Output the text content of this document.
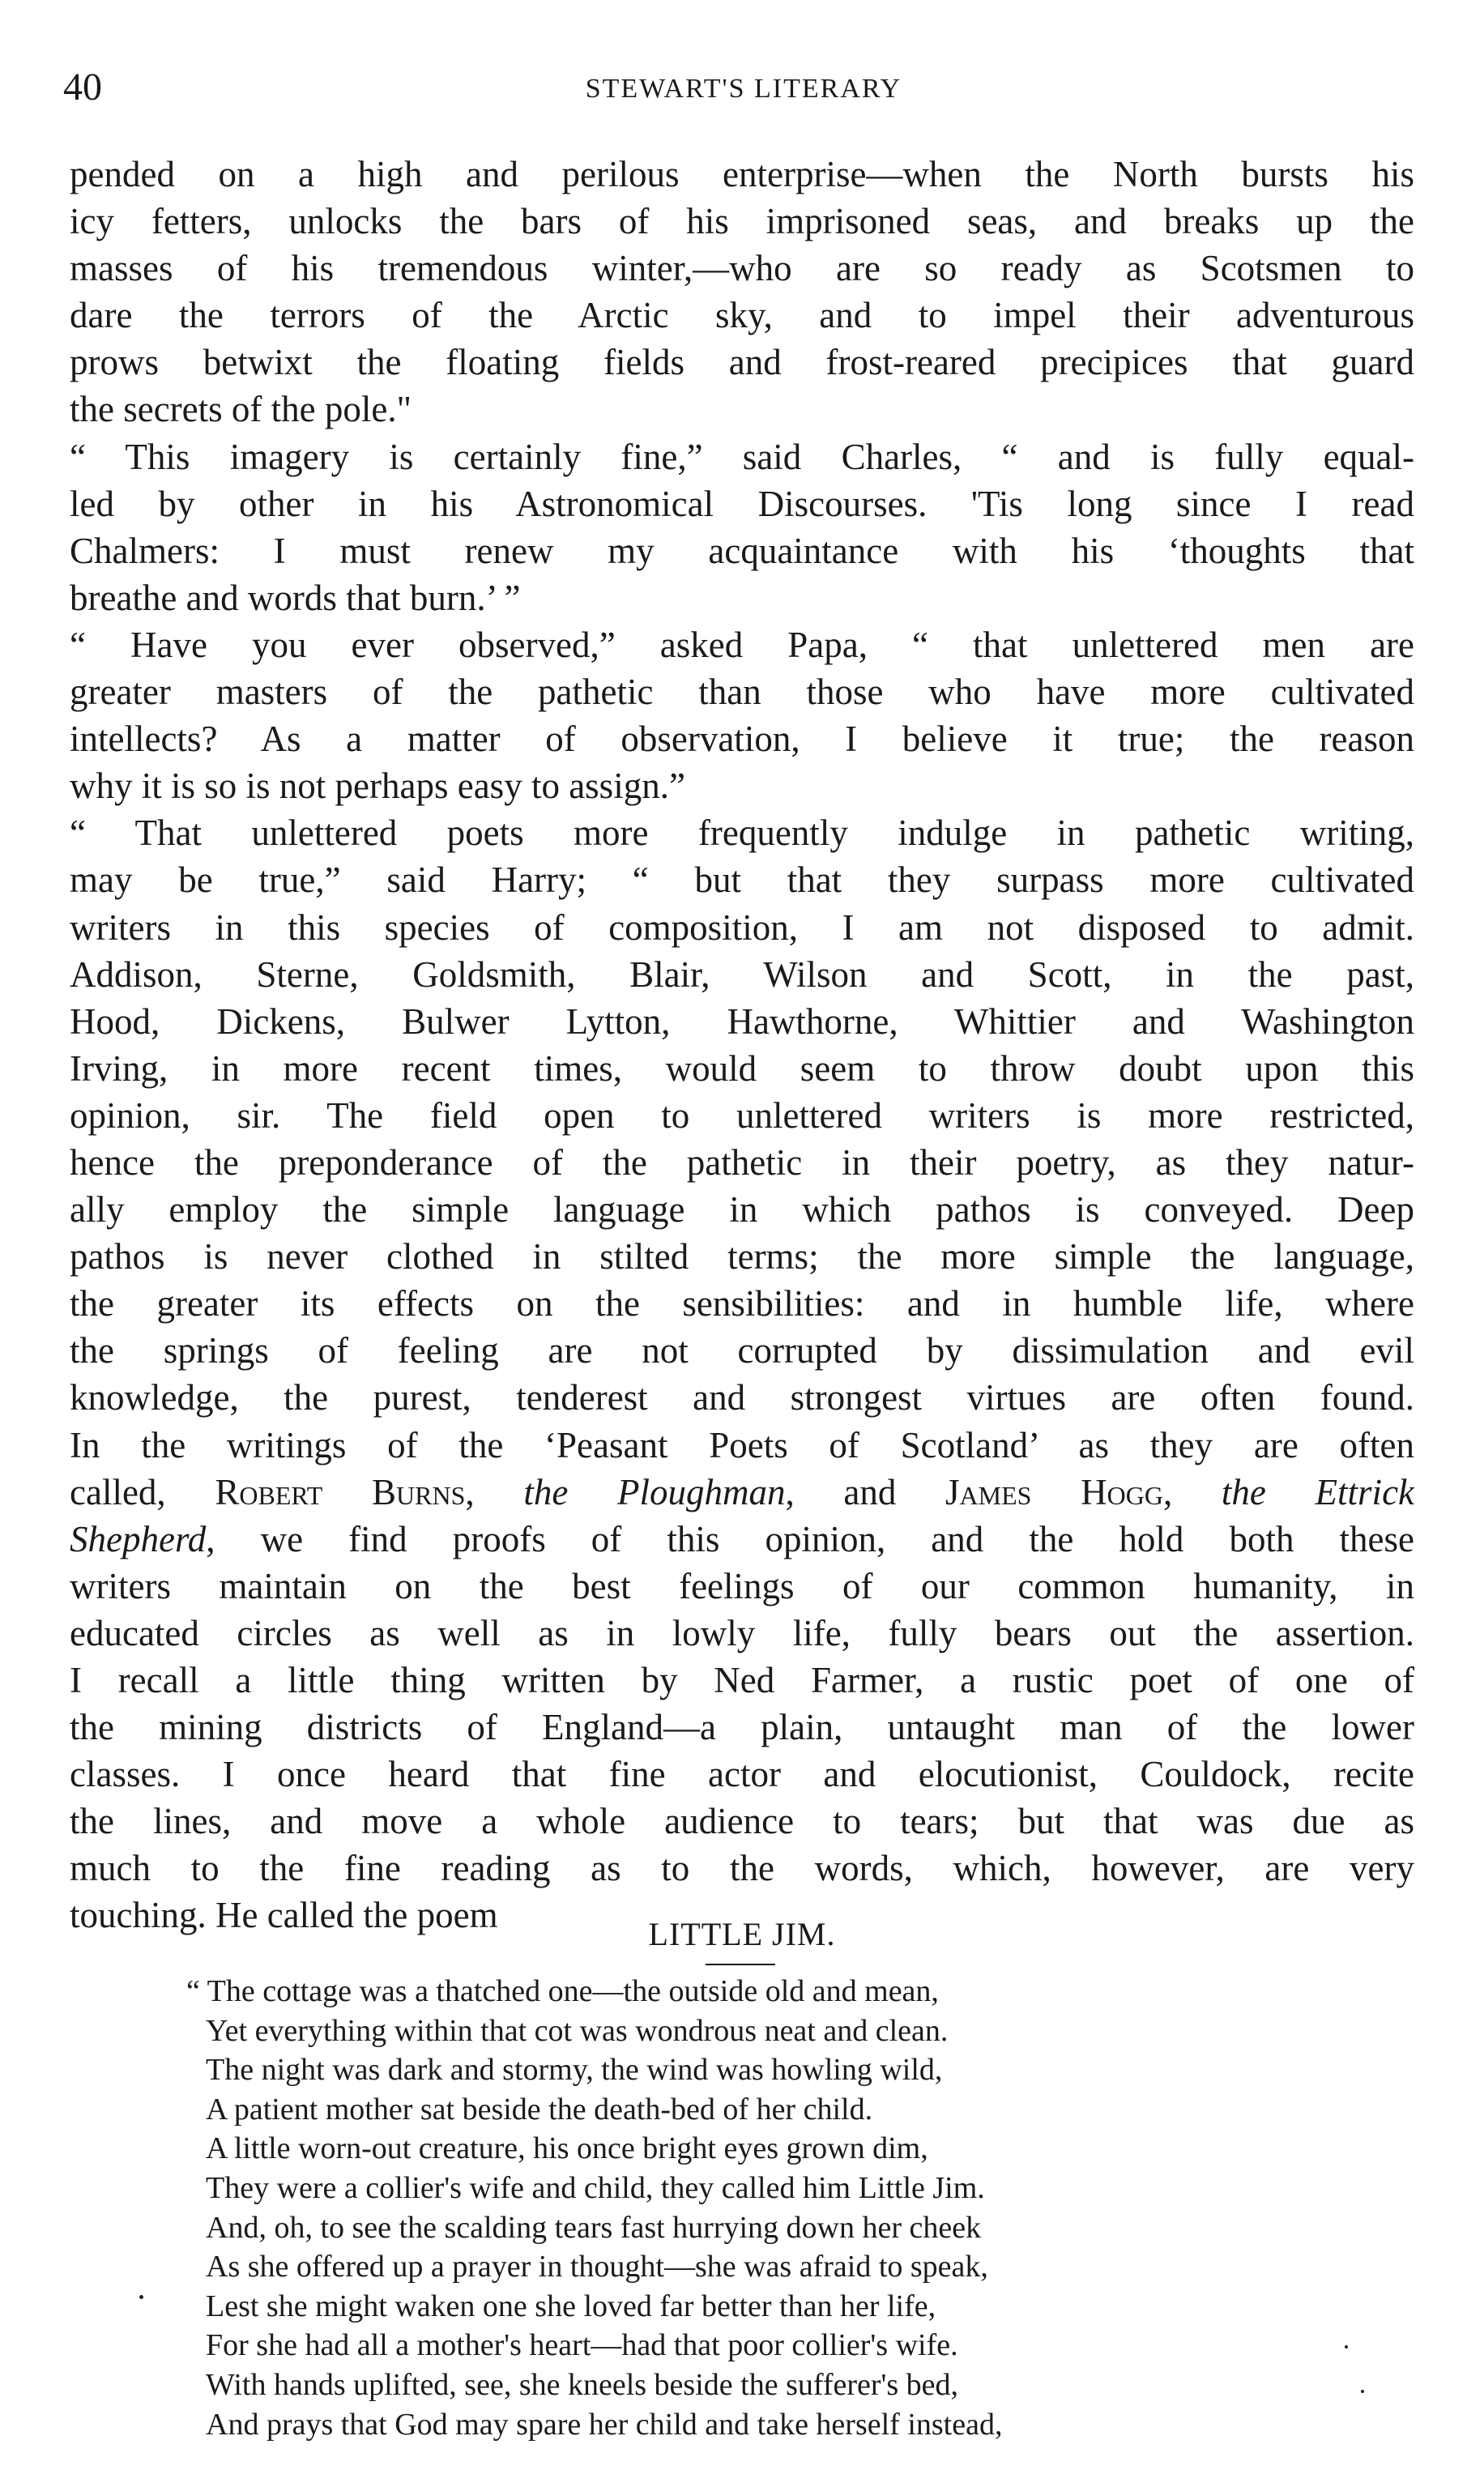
40	STEWART'S LITERARY
pended on a high and perilous enterprise—when the North bursts his
icy fetters, unlocks the bars of his imprisoned seas, and breaks up the
masses of his tremendous winter,—who are so ready as Scotsmen to
dare the terrors of the Arctic sky, and to impel their adventurous
prows betwixt the floating fields and frost-reared precipices that guard
the secrets of the pole."
“ This imagery is certainly fine,” said Charles, “ and is fully equal-
led by other in his Astronomical Discourses. 'Tis long since I read
Chalmers: I must renew my acquaintance with his ‘thoughts that
breathe and words that burn.’ ”
“ Have you ever observed,” asked Papa, “ that unlettered men are
greater masters of the pathetic than those who have more cultivated
intellects? As a matter of observation, I believe it true; the reason
why it is so is not perhaps easy to assign.”
“ That unlettered poets more frequently indulge in pathetic writing,
may be true,” said Harry; “ but that they surpass more cultivated
writers in this species of composition, I am not disposed to admit.
Addison, Sterne, Goldsmith, Blair, Wilson and Scott, in the past,
Hood, Dickens, Bulwer Lytton, Hawthorne, Whittier and Washington
Irving, in more recent times, would seem to throw doubt upon this
opinion, sir. The field open to unlettered writers is more restricted,
hence the preponderance of the pathetic in their poetry, as they natur-
ally employ the simple language in which pathos is conveyed. Deep
pathos is never clothed in stilted terms; the more simple the language,
the greater its effects on the sensibilities: and in humble life, where
the springs of feeling are not corrupted by dissimulation and evil
knowledge, the purest, tenderest and strongest virtues are often found.
In the writings of the ‘Peasant Poets of Scotland’ as they are often
called, Robert Burns, the Ploughman, and James Hogg, the Ettrick
Shepherd, we find proofs of this opinion, and the hold both these
writers maintain on the best feelings of our common humanity, in
educated circles as well as in lowly life, fully bears out the assertion.
I recall a little thing written by Ned Farmer, a rustic poet of one of
the mining districts of England—a plain, untaught man of the lower
classes. I once heard that fine actor and elocutionist, Couldock, recite
the lines, and move a whole audience to tears; but that was due as
much to the fine reading as to the words, which, however, are very
touching. He called the poem	LITTLE JIM.
“ The cottage was a thatched one—the outside old and mean,
Yet everything within that cot was wondrous neat and clean.
The night was dark and stormy, the wind was howling wild,
A patient mother sat beside the death-bed of her child.
A little worn-out creature, his once bright eyes grown dim,
They were a collier's wife and child, they called him Little Jim.
And, oh, to see the scalding tears fast hurrying down her cheek
As she offered up a prayer in thought—she was afraid to speak,
Lest she might waken one she loved far better than her life,
For she had all a mother's heart—had that poor collier's wife.
With hands uplifted, see, she kneels beside the sufferer's bed,
And prays that God may spare her child and take herself instead,
